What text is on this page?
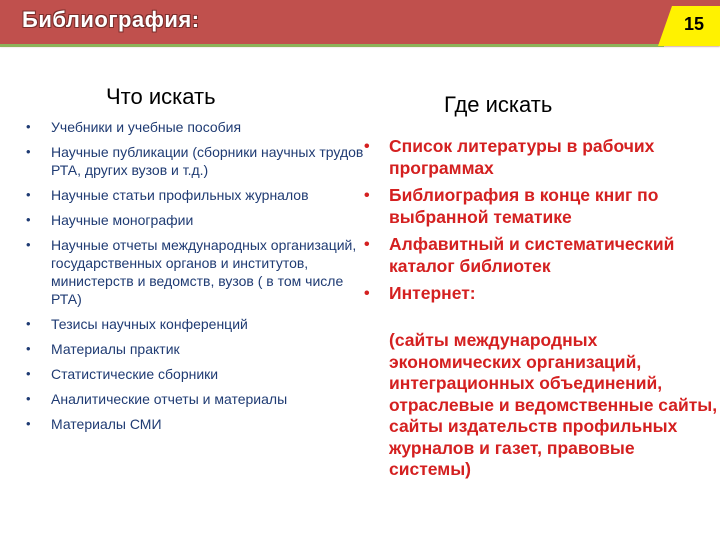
Библиография:	15
Что искать	Где искать
• Учебники и учебные пособия
• Научные публикации (сборники научных трудов РТА, других вузов и т.д.)
• Научные статьи профильных журналов
• Научные монографии
• Научные отчеты международных организаций, государственных органов и институтов, министерств и ведомств, вузов ( в том числе РТА)
• Тезисы научных конференций
• Материалы практик
• Статистические сборники
• Аналитические отчеты и материалы
• Материалы СМИ
• Список литературы в рабочих программах
• Библиография в конце книг по выбранной тематике
• Алфавитный и систематический каталог библиотек
• Интернет:
(сайты международных экономических организаций, интеграционных объединений, отраслевые и ведомственные сайты, сайты издательств профильных журналов и газет, правовые системы)
